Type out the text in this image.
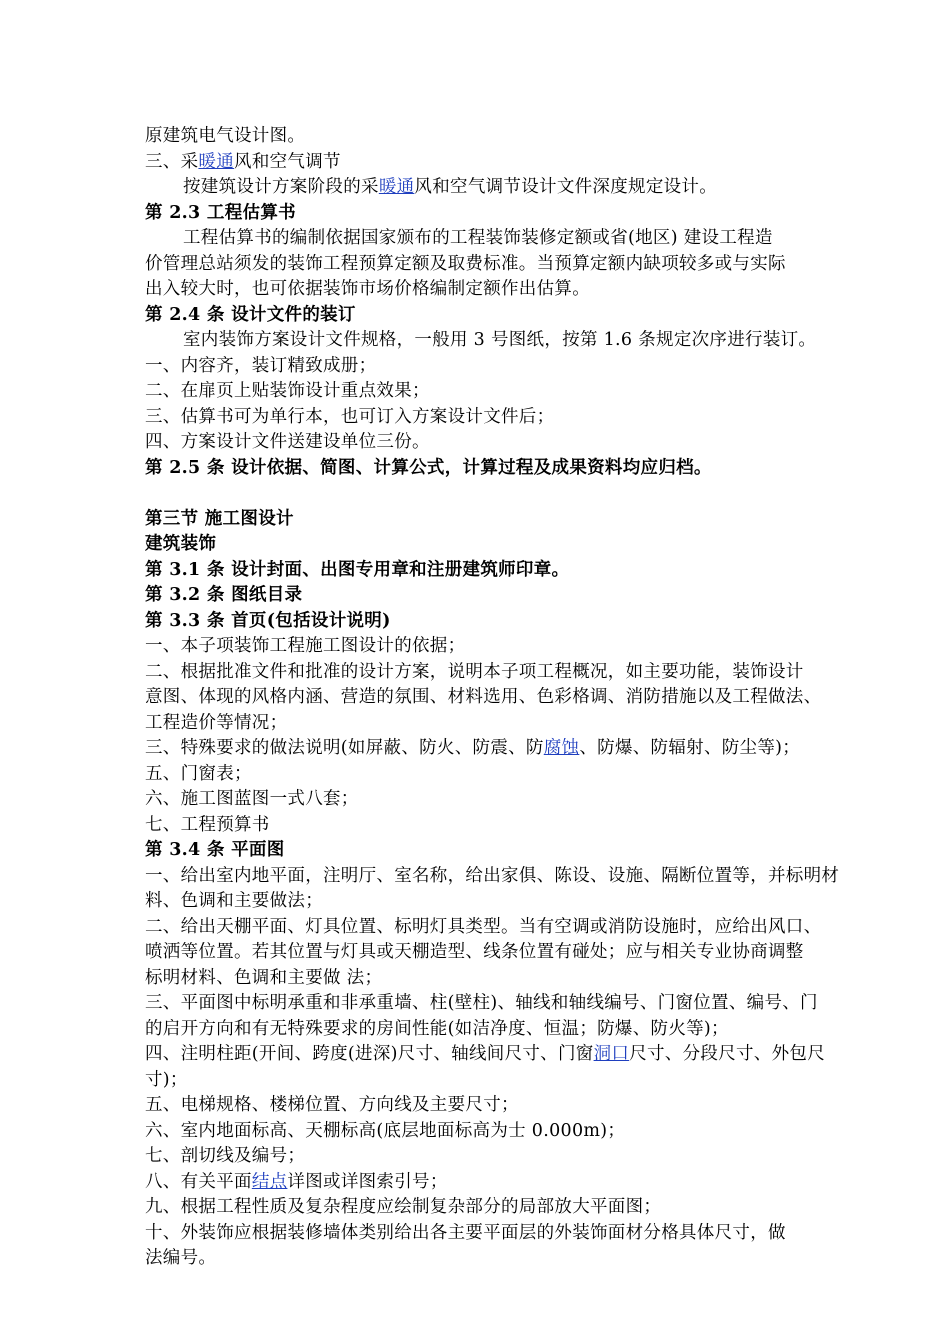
原建筑电气设计图。
三、采暖通风和空气调节
按建筑设计方案阶段的采暖通风和空气调节设计文件深度规定设计。
第 2.3 工程估算书
工程估算书的编制依据国家颁布的工程装饰装修定额或省(地区) 建设工程造
价管理总站须发的装饰工程预算定额及取费标准。当预算定额内缺项较多或与实际
出入较大时，也可依据装饰市场价格编制定额作出估算。
第 2.4 条 设计文件的装订
室内装饰方案设计文件规格，一般用 3 号图纸，按第 1.6 条规定次序进行装订。
一、内容齐，装订精致成册；
二、在扉页上贴装饰设计重点效果；
三、估算书可为单行本，也可订入方案设计文件后；
四、方案设计文件送建设单位三份。
第 2.5 条 设计依据、简图、计算公式，计算过程及成果资料均应归档。
第三节 施工图设计
建筑装饰
第 3.1 条 设计封面、出图专用章和注册建筑师印章。
第 3.2 条 图纸目录
第 3.3 条 首页(包括设计说明)
一、本子项装饰工程施工图设计的依据；
二、根据批准文件和批准的设计方案，说明本子项工程概况，如主要功能，装饰设计
意图、体现的风格内涵、营造的氛围、材料选用、色彩格调、消防措施以及工程做法、
工程造价等情况；
三、特殊要求的做法说明(如屏蔽、防火、防震、防腐蚀、防爆、防辐射、防尘等)；
五、门窗表；
六、施工图蓝图一式八套；
七、工程预算书
第 3.4 条 平面图
一、给出室内地平面，注明厅、室名称，给出家俱、陈设、设施、隔断位置等，并标明材
料、色调和主要做法；
二、给出天棚平面、灯具位置、标明灯具类型。当有空调或消防设施时，应给出风口、
喷洒等位置。若其位置与灯具或天棚造型、线条位置有碰处；应与相关专业协商调整
标明材料、色调和主要做 法；
三、平面图中标明承重和非承重墙、柱(壁柱)、轴线和轴线编号、门窗位置、编号、门
的启开方向和有无特殊要求的房间性能(如洁净度、恒温；防爆、防火等)；
四、注明柱距(开间、跨度(进深)尺寸、轴线间尺寸、门窗洞口尺寸、分段尺寸、外包尺
寸)；
五、电梯规格、楼梯位置、方向线及主要尺寸；
六、室内地面标高、天棚标高(底层地面标高为士 0.000m)；
七、剖切线及编号；
八、有关平面结点详图或详图索引号；
九、根据工程性质及复杂程度应绘制复杂部分的局部放大平面图；
十、外装饰应根据装修墙体类别给出各主要平面层的外装饰面材分格具体尺寸，做
法编号。
